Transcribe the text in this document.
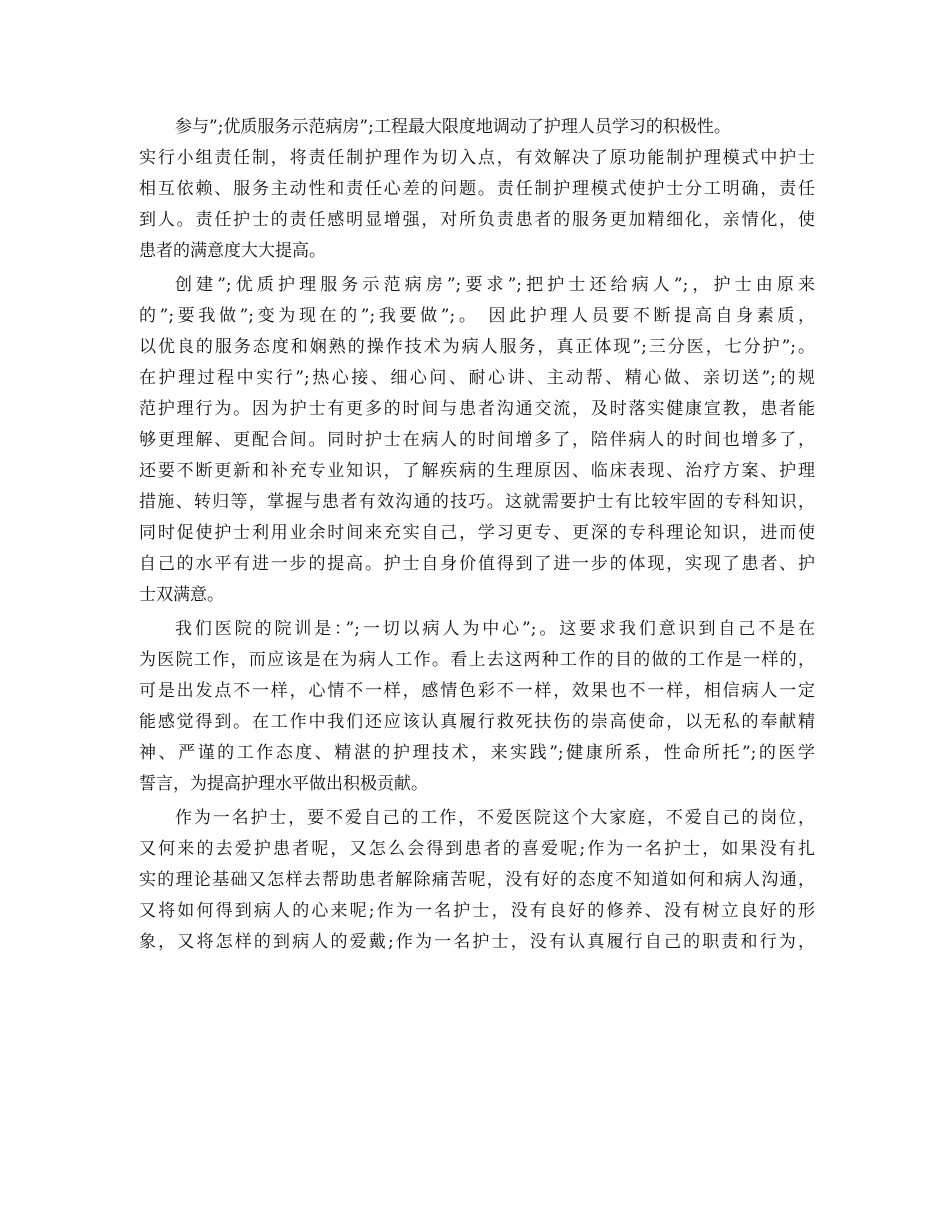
参与”;优质服务示范病房”;工程最大限度地调动了护理人员学习的积极性。
实行小组责任制，将责任制护理作为切入点，有效解决了原功能制护理模式中护士
相互依赖、服务主动性和责任心差的问题。责任制护理模式使护士分工明确，责任
到人。责任护士的责任感明显增强，对所负责患者的服务更加精细化，亲情化，使
患者的满意度大大提高。
创建”;优质护理服务示范病房”;要求”;把护士还给病人”;，护士由原来
的”;要我做”;变为现在的”;我要做”;。 因此护理人员要不断提高自身素质，
以优良的服务态度和娴熟的操作技术为病人服务，真正体现”;三分医，七分护”;。
在护理过程中实行”;热心接、细心问、耐心讲、主动帮、精心做、亲切送”;的规
范护理行为。因为护士有更多的时间与患者沟通交流，及时落实健康宣教，患者能
够更理解、更配合间。同时护士在病人的时间增多了，陪伴病人的时间也增多了，
还要不断更新和补充专业知识，了解疾病的生理原因、临床表现、治疗方案、护理
措施、转归等，掌握与患者有效沟通的技巧。这就需要护士有比较牢固的专科知识，
同时促使护士利用业余时间来充实自己，学习更专、更深的专科理论知识，进而使
自己的水平有进一步的提高。护士自身价值得到了进一步的体现，实现了患者、护
士双满意。
我们医院的院训是：”;一切以病人为中心”;。这要求我们意识到自己不是在
为医院工作，而应该是在为病人工作。看上去这两种工作的目的做的工作是一样的，
可是出发点不一样，心情不一样，感情色彩不一样，效果也不一样，相信病人一定
能感觉得到。在工作中我们还应该认真履行救死扶伤的崇高使命，以无私的奉献精
神、严谨的工作态度、精湛的护理技术，来实践”;健康所系，性命所托”;的医学
誓言，为提高护理水平做出积极贡献。
作为一名护士，要不爱自己的工作，不爱医院这个大家庭，不爱自己的岗位，
又何来的去爱护患者呢，又怎么会得到患者的喜爱呢;作为一名护士，如果没有扎
实的理论基础又怎样去帮助患者解除痛苦呢，没有好的态度不知道如何和病人沟通，
又将如何得到病人的心来呢;作为一名护士，没有良好的修养、没有树立良好的形
象，又将怎样的到病人的爱戴;作为一名护士，没有认真履行自己的职责和行为，
